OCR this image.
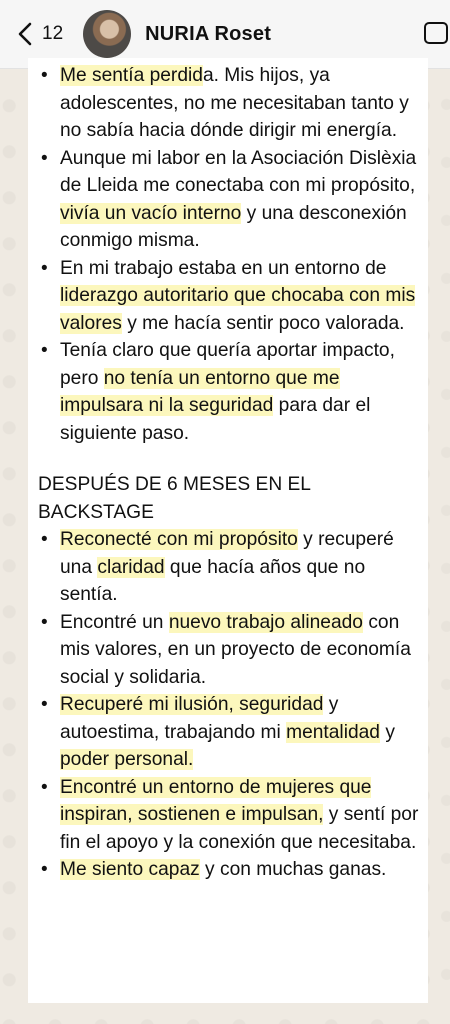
12	NURIA Roset
• Me sentía perdida. Mis hijos, ya adolescentes, no me necesitaban tanto y no sabía hacia dónde dirigir mi energía.
• Aunque mi labor en la Asociación Dislèxia de Lleida me conectaba con mi propósito, vivía un vacío interno y una desconexión conmigo misma.
• En mi trabajo estaba en un entorno de liderazgo autoritario que chocaba con mis valores y me hacía sentir poco valorada.
• Tenía claro que quería aportar impacto, pero no tenía un entorno que me impulsara ni la seguridad para dar el siguiente paso.
DESPUÉS DE 6 MESES EN EL BACKSTAGE
• Reconecté con mi propósito y recuperé una claridad que hacía años que no sentía.
• Encontré un nuevo trabajo alineado con mis valores, en un proyecto de economía social y solidaria.
• Recuperé mi ilusión, seguridad y autoestima, trabajando mi mentalidad y poder personal.
• Encontré un entorno de mujeres que inspiran, sostienen e impulsan, y sentí por fin el apoyo y la conexión que necesitaba.
• Me siento capaz y con muchas ganas.
